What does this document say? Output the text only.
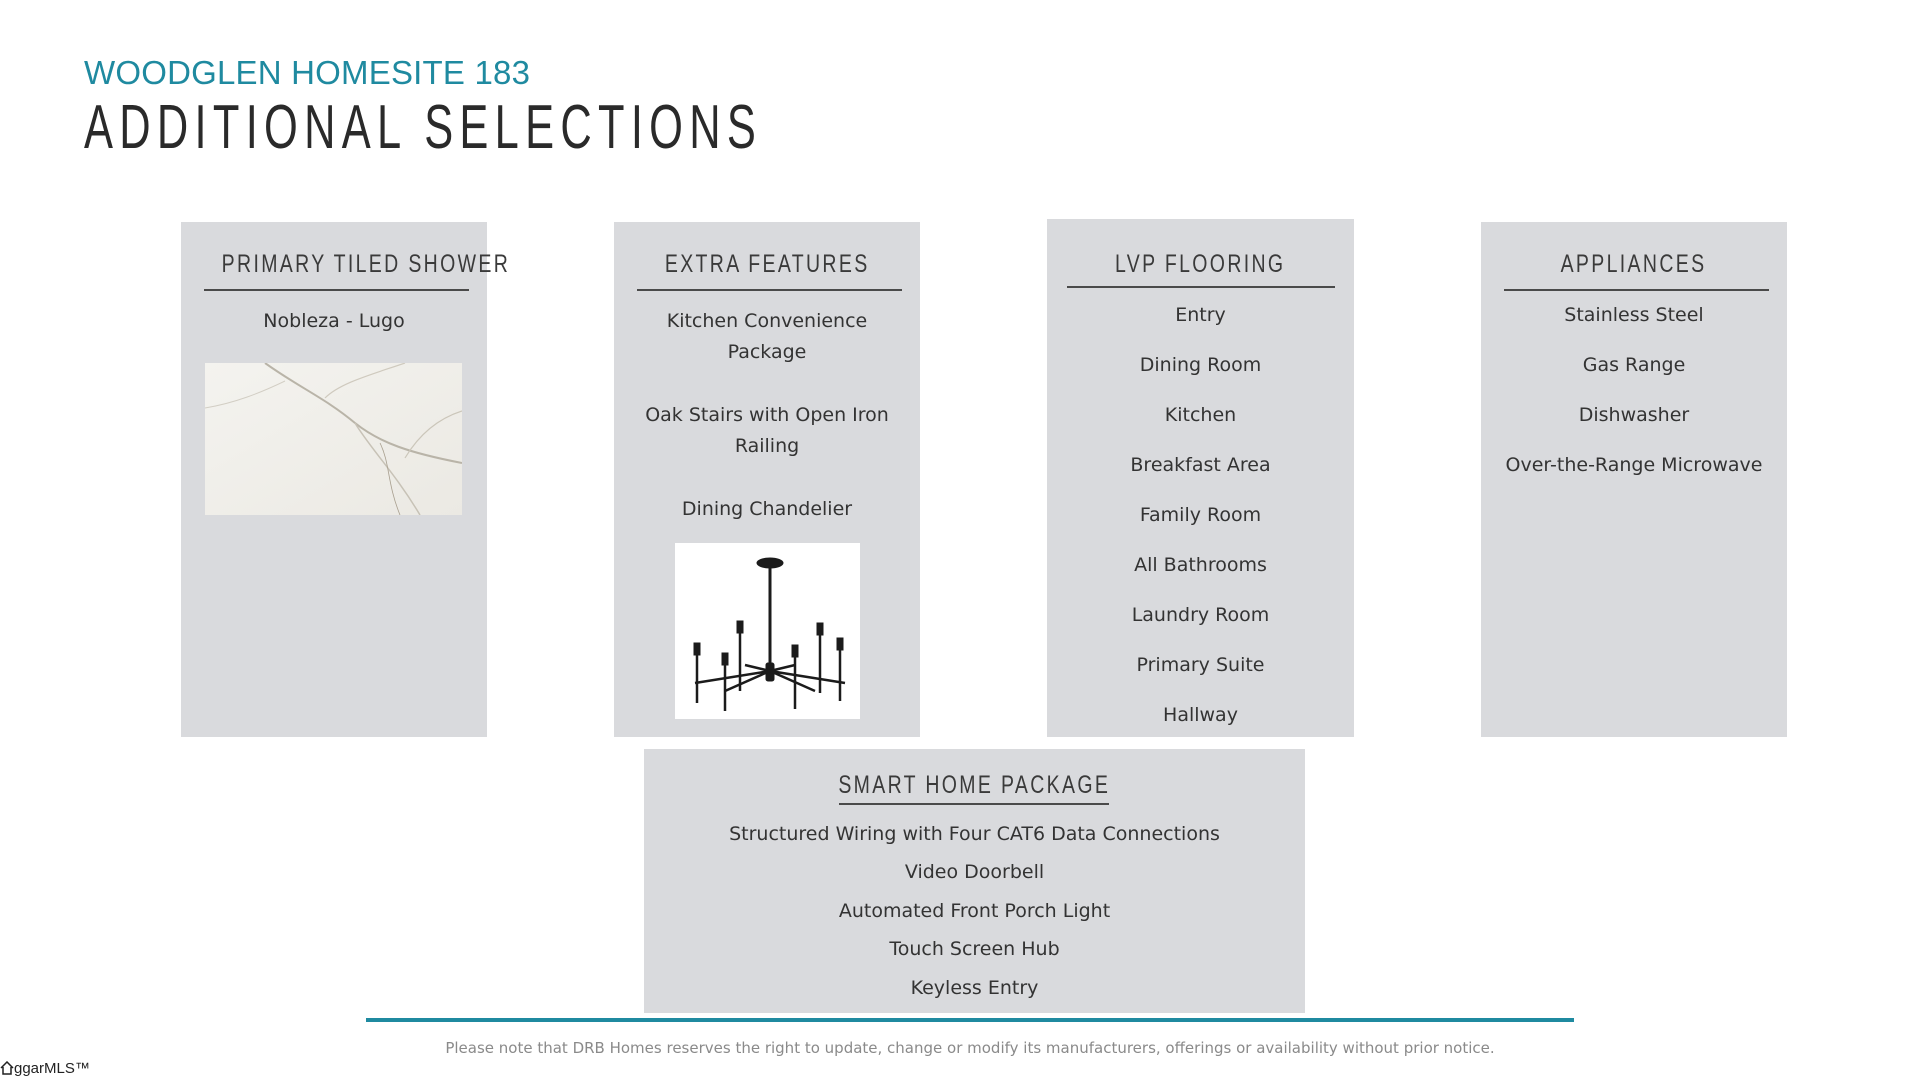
WOODGLEN HOMESITE 183
ADDITIONAL SELECTIONS
PRIMARY TILED SHOWER
Nobleza - Lugo
EXTRA FEATURES
Kitchen Convenience Package
Oak Stairs with Open Iron Railing
Dining Chandelier
LVP FLOORING
Entry
Dining Room
Kitchen
Breakfast Area
Family Room
All Bathrooms
Laundry Room
Primary Suite
Hallway
APPLIANCES
Stainless Steel
Gas Range
Dishwasher
Over-the-Range Microwave
SMART HOME PACKAGE
Structured Wiring with Four CAT6 Data Connections
Video Doorbell
Automated Front Porch Light
Touch Screen Hub
Keyless Entry
Please note that DRB Homes reserves the right to update, change or modify its manufacturers, offerings or availability without prior notice.
ggarMLS™
